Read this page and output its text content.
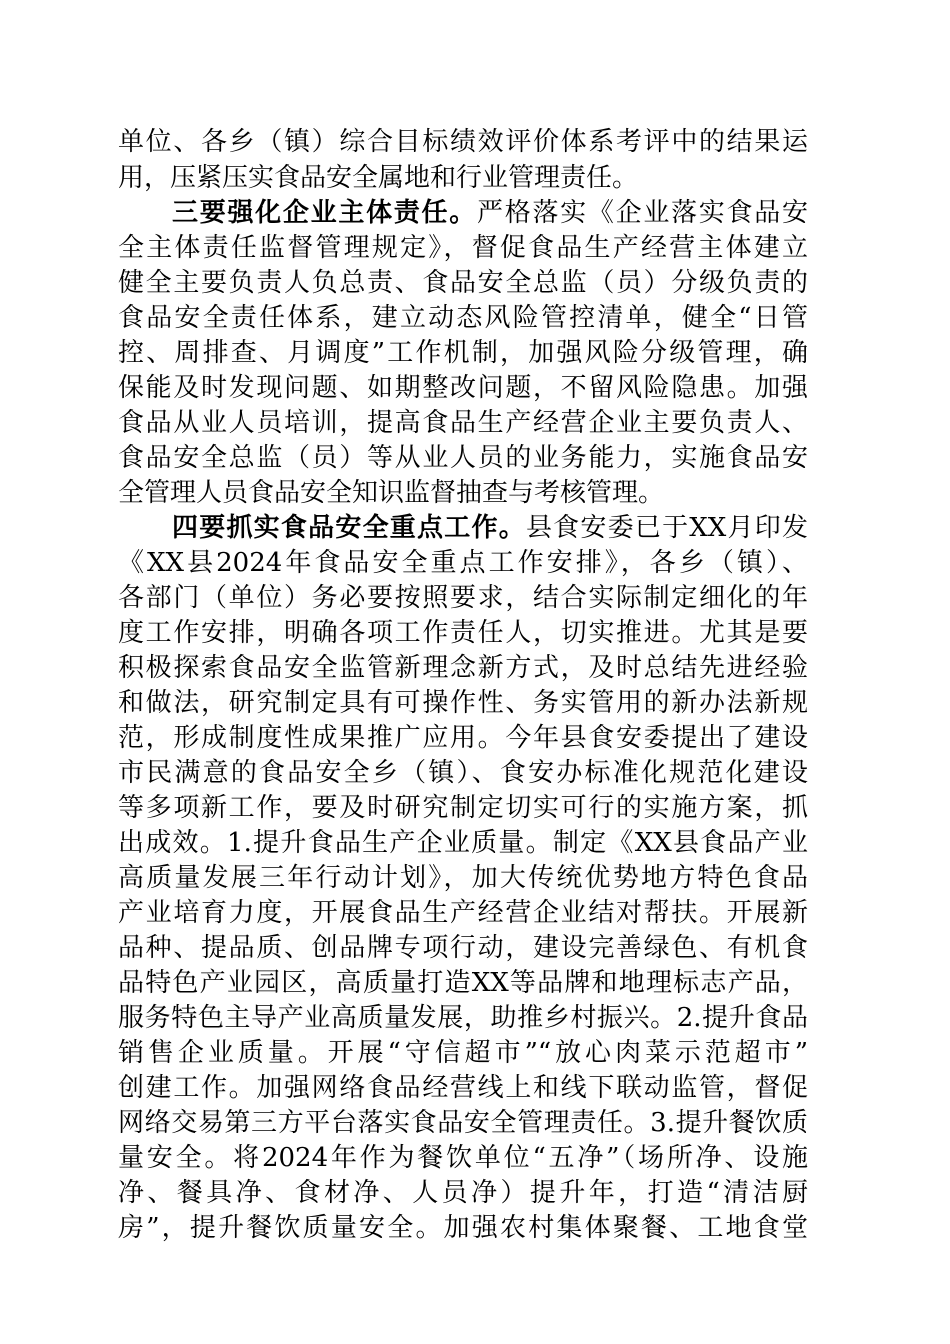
单位、各乡（镇）综合目标绩效评价体系考评中的结果运
用，压紧压实食品安全属地和行业管理责任。
三要强化企业主体责任。严格落实《企业落实食品安
全主体责任监督管理规定》，督促食品生产经营主体建立
健全主要负责人负总责、食品安全总监（员）分级负责的
食品安全责任体系，建立动态风险管控清单，健全“日管
控、周排查、月调度”工作机制，加强风险分级管理，确
保能及时发现问题、如期整改问题，不留风险隐患。加强
食品从业人员培训，提高食品生产经营企业主要负责人、
食品安全总监（员）等从业人员的业务能力，实施食品安
全管理人员食品安全知识监督抽查与考核管理。
四要抓实食品安全重点工作。县食安委已于XX月印发
《XX县2024年食品安全重点工作安排》，各乡（镇）、
各部门（单位）务必要按照要求，结合实际制定细化的年
度工作安排，明确各项工作责任人，切实推进。尤其是要
积极探索食品安全监管新理念新方式，及时总结先进经验
和做法，研究制定具有可操作性、务实管用的新办法新规
范，形成制度性成果推广应用。今年县食安委提出了建设
市民满意的食品安全乡（镇）、食安办标准化规范化建设
等多项新工作，要及时研究制定切实可行的实施方案，抓
出成效。1.提升食品生产企业质量。制定《XX县食品产业
高质量发展三年行动计划》，加大传统优势地方特色食品
产业培育力度，开展食品生产经营企业结对帮扶。开展新
品种、提品质、创品牌专项行动，建设完善绿色、有机食
品特色产业园区，高质量打造XX等品牌和地理标志产品，
服务特色主导产业高质量发展，助推乡村振兴。2.提升食品
销售企业质量。开展“守信超市”“放心肉菜示范超市”
创建工作。加强网络食品经营线上和线下联动监管，督促
网络交易第三方平台落实食品安全管理责任。3.提升餐饮质
量安全。将2024年作为餐饮单位“五净”（场所净、设施
净、餐具净、食材净、人员净）提升年，打造“清洁厨
房”，提升餐饮质量安全。加强农村集体聚餐、工地食堂
